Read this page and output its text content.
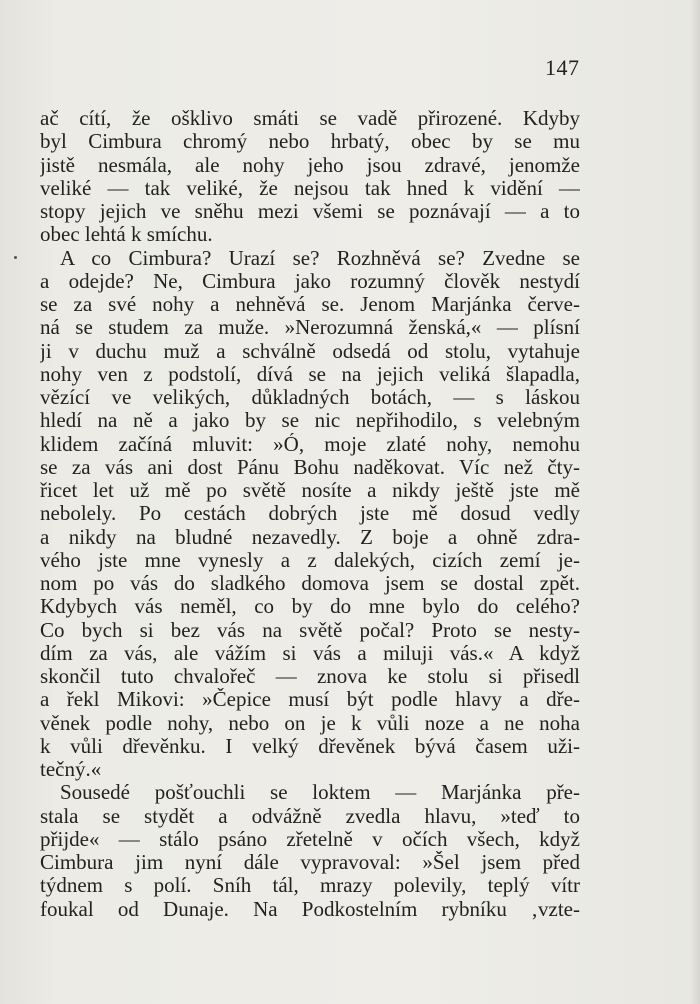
147
ač cítí, že ošklivo smáti se vadě přirozené. Kdyby
byl Cimbura chromý nebo hrbatý, obec by se mu
jistě nesmála, ale nohy jeho jsou zdravé, jenomže
veliké — tak veliké, že nejsou tak hned k vidění —
stopy jejich ve sněhu mezi všemi se poznávají — a to
obec lehtá k smíchu.
A co Cimbura? Urazí se? Rozhněvá se? Zvedne se
a odejde? Ne, Cimbura jako rozumný člověk nestydí
se za své nohy a nehněvá se. Jenom Marjánka červe-
ná se studem za muže. »Nerozumná ženská,« — plísní
ji v duchu muž a schválně odsedá od stolu, vytahuje
nohy ven z podstolí, dívá se na jejich veliká šlapadla,
vězící ve velikých, důkladných botách, — s láskou
hledí na ně a jako by se nic nepřihodilo, s velebným
klidem začíná mluvit: »Ó, moje zlaté nohy, nemohu
se za vás ani dost Pánu Bohu naděkovat. Víc než čty-
řicet let už mě po světě nosíte a nikdy ještě jste mě
nebolely. Po cestách dobrých jste mě dosud vedly
a nikdy na bludné nezavedly. Z boje a ohně zdra-
vého jste mne vynesly a z dalekých, cizích zemí je-
nom po vás do sladkého domova jsem se dostal zpět.
Kdybych vás neměl, co by do mne bylo do celého?
Co bych si bez vás na světě počal? Proto se nesty-
dím za vás, ale vážím si vás a miluji vás.« A když
skončil tuto chvalořeč — znova ke stolu si přisedl
a řekl Mikovi: »Čepice musí být podle hlavy a dře-
věnek podle nohy, nebo on je k vůli noze a ne noha
k vůli dřevěnku. I velký dřevěnek bývá časem uži-
tečný.«
Sousedé pošťouchli se loktem — Marjánka pře-
stala se stydět a odvážně zvedla hlavu, »teď to
přijde« — stálo psáno zřetelně v očích všech, když
Cimbura jim nyní dále vypravoval: »Šel jsem před
týdnem s polí. Sníh tál, mrazy polevily, teplý vítr
foukal od Dunaje. Na Podkostelním rybníku ‚vzte-
